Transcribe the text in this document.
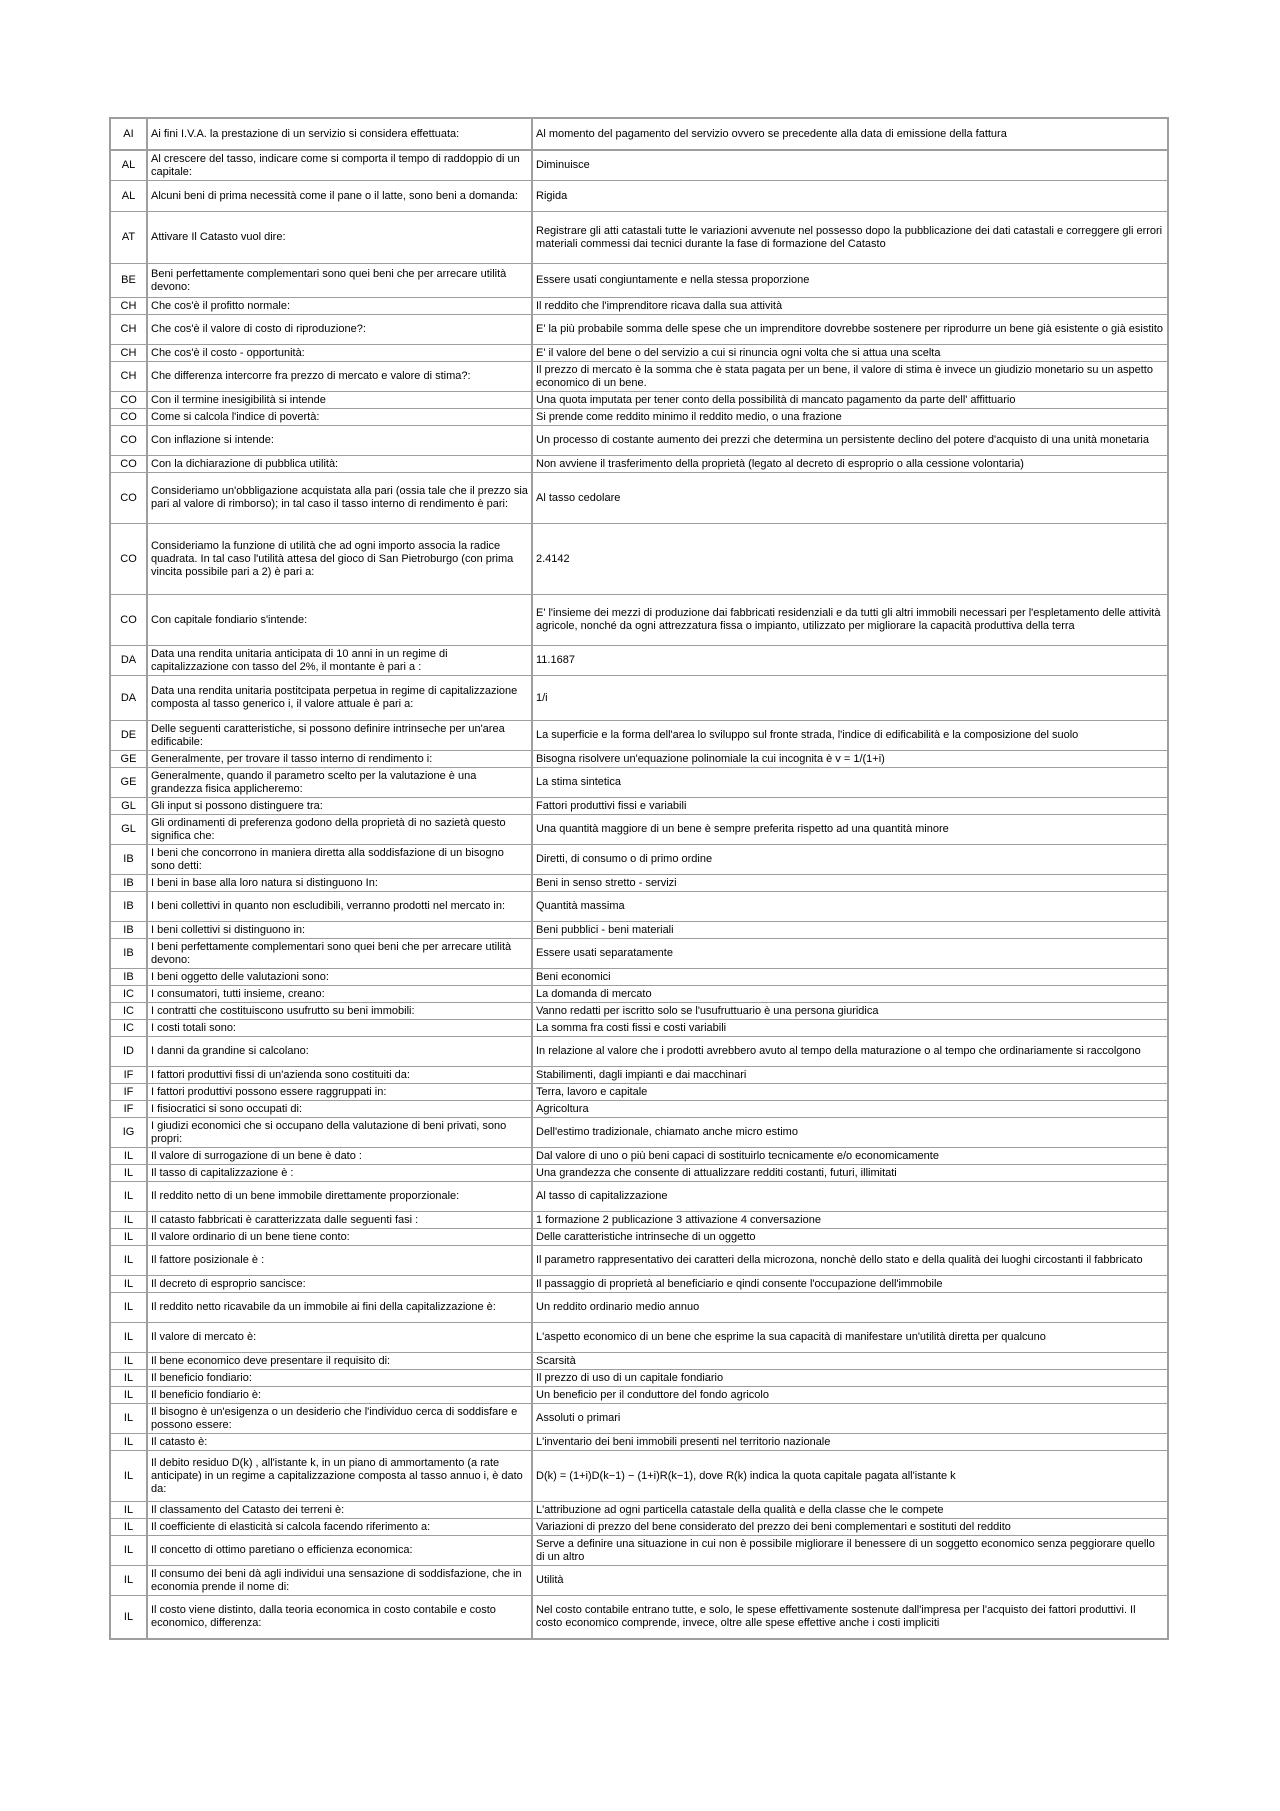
AI	Ai fini I.V.A. la prestazione di un servizio si considera effettuata:	Al momento del pagamento del servizio ovvero se precedente alla data di emissione della fattura
AL	Al crescere del tasso, indicare come si comporta il tempo di raddoppio di un capitale:	Diminuisce
AL	Alcuni beni di prima necessità come il pane o il latte, sono beni a domanda:	Rigida
AT	Attivare Il Catasto vuol dire:	Registrare gli atti catastali tutte le variazioni avvenute nel possesso dopo la pubblicazione dei dati catastali e correggere gli errori materiali commessi dai tecnici durante la fase di formazione del Catasto
BE	Beni perfettamente complementari sono quei beni che per arrecare utilità devono:	Essere usati congiuntamente e nella stessa proporzione
CH	Che cos'è il profitto normale:	Il reddito che l'imprenditore ricava dalla sua attività
CH	Che cos'è il valore di costo di riproduzione?:	E' la più probabile somma delle spese che un imprenditore dovrebbe sostenere per riprodurre un bene già esistente o già esistito
CH	Che cos'è il costo - opportunità:	E' il valore del bene o del servizio a cui si rinuncia ogni volta che si attua una scelta
CH	Che differenza intercorre fra prezzo di mercato e valore di stima?:	Il prezzo di mercato è la somma che è stata pagata per un bene, il valore di stima è invece un giudizio monetario su un aspetto economico di un bene.
CO	Con il termine inesigibilità si intende	Una quota imputata per tener conto della possibilità di mancato pagamento da parte dell' affittuario
CO	Come si calcola l'indice di povertà:	Si prende come reddito minimo il reddito medio, o una frazione
CO	Con inflazione si intende:	Un processo di costante aumento dei prezzi che determina un persistente declino del potere d'acquisto di una unità monetaria
CO	Con la dichiarazione di pubblica utilità:	Non avviene il trasferimento della proprietà (legato al decreto di esproprio o alla cessione volontaria)
CO	Consideriamo un'obbligazione acquistata alla pari (ossia tale che il prezzo sia pari al valore di rimborso); in tal caso il tasso interno di rendimento è pari:	Al tasso cedolare
CO	Consideriamo la funzione di utilità che ad ogni importo associa la radice quadrata. In tal caso l'utilità attesa del gioco di San Pietroburgo (con prima vincita possibile pari a 2) è pari a:	2.4142
CO	Con capitale fondiario s'intende:	E' l'insieme dei mezzi di produzione dai fabbricati residenziali e da tutti gli altri immobili necessari per l'espletamento delle attività agricole, nonché da ogni attrezzatura fissa o impianto, utilizzato per migliorare la capacità produttiva della terra
DA	Data una rendita unitaria anticipata di 10 anni in un regime di capitalizzazione con tasso del 2%, il montante è pari a :	11.1687
DA	Data una rendita unitaria postitcipata perpetua in regime di capitalizzazione composta al tasso generico i, il valore attuale è pari a:	1/i
DE	Delle seguenti caratteristiche, si possono definire intrinseche per un'area edificabile:	La superficie e la forma dell'area lo sviluppo sul fronte strada, l'indice di edificabilità e la composizione del suolo
GE	Generalmente, per trovare il tasso interno di rendimento i:	Bisogna risolvere un'equazione polinomiale la cui incognita è v = 1/(1+i)
GE	Generalmente, quando il parametro scelto per la valutazione è una grandezza fisica applicheremo:	La stima sintetica
GL	Gli input si possono distinguere tra:	Fattori produttivi fissi e variabili
GL	Gli ordinamenti di preferenza godono della proprietà di no sazietà questo significa che:	Una quantità maggiore di un bene è sempre preferita rispetto ad una quantità minore
IB	I beni che concorrono in maniera diretta alla soddisfazione di un bisogno sono detti:	Diretti, di consumo o di primo ordine
IB	I beni in base alla loro natura si distinguono In:	Beni in senso stretto - servizi
IB	I beni collettivi in quanto non escludibili, verranno prodotti nel mercato in:	Quantità massima
IB	I beni collettivi si distinguono in:	Beni pubblici - beni materiali
IB	I beni perfettamente complementari sono quei beni che per arrecare utilità devono:	Essere usati separatamente
IB	I beni oggetto delle valutazioni sono:	Beni economici
IC	I consumatori, tutti insieme, creano:	La domanda di mercato
IC	I contratti che costituiscono usufrutto su beni immobili:	Vanno redatti per iscritto solo se l'usufruttuario è una persona giuridica
IC	I costi totali sono:	La somma fra costi fissi e costi variabili
ID	I danni da grandine si calcolano:	In relazione al valore che i prodotti avrebbero avuto al tempo della maturazione o al tempo che ordinariamente si raccolgono
IF	I fattori produttivi fissi di un'azienda sono costituiti da:	Stabilimenti, dagli impianti e dai macchinari
IF	I fattori produttivi possono essere raggruppati in:	Terra, lavoro e capitale
IF	I fisiocratici si sono occupati di:	Agricoltura
IG	I giudizi economici che si occupano della valutazione di beni privati, sono propri:	Dell'estimo tradizionale, chiamato anche micro estimo
IL	Il valore di surrogazione di un bene è dato :	Dal valore di uno o più beni capaci di sostituirlo tecnicamente e/o economicamente
IL	Il tasso di capitalizzazione è :	Una grandezza che consente di attualizzare redditi costanti, futuri, illimitati
IL	Il reddito netto di un bene immobile direttamente proporzionale:	Al tasso di capitalizzazione
IL	Il catasto fabbricati è caratterizzata dalle seguenti fasi :	1 formazione 2 publicazione 3 attivazione 4 conversazione
IL	Il valore ordinario di un bene tiene conto:	Delle caratteristiche intrinseche di un oggetto
IL	Il fattore posizionale è :	Il parametro rappresentativo dei caratteri della microzona, nonchè dello stato e della qualità dei luoghi circostanti il fabbricato
IL	Il decreto di esproprio sancisce:	Il passaggio di proprietà al beneficiario e qindi consente l'occupazione dell'immobile
IL	Il reddito netto ricavabile da un immobile ai fini della capitalizzazione è:	Un reddito ordinario medio annuo
IL	Il valore di mercato è:	L'aspetto economico di un bene che esprime la sua capacità di manifestare un'utilità diretta per qualcuno
IL	Il bene economico deve presentare il requisito di:	Scarsità
IL	Il beneficio fondiario:	Il prezzo di uso di un capitale fondiario
IL	Il beneficio fondiario è:	Un beneficio per il conduttore del fondo agricolo
IL	Il bisogno è un'esigenza o un desiderio che l'individuo cerca di soddisfare e possono essere:	Assoluti o primari
IL	Il catasto è:	L'inventario dei beni immobili presenti nel territorio nazionale
IL	Il debito residuo D(k) , all'istante k, in un piano di ammortamento (a rate anticipate) in un regime a capitalizzazione composta al tasso annuo i, è dato da:	D(k) = (1+i)D(k−1) − (1+i)R(k−1), dove R(k) indica la quota capitale pagata all'istante k
IL	Il classamento del Catasto dei terreni è:	L'attribuzione ad ogni particella catastale della qualità e della classe che le compete
IL	Il coefficiente di elasticità si calcola facendo riferimento a:	Variazioni di prezzo del bene considerato del prezzo dei beni complementari e sostituti del reddito
IL	Il concetto di ottimo paretiano o efficienza economica:	Serve a definire una situazione in cui non è possibile migliorare il benessere di un soggetto economico senza peggiorare quello di un altro
IL	Il consumo dei beni dà agli individui una sensazione di soddisfazione, che in economia prende il nome di:	Utilità
IL	Il costo viene distinto, dalla teoria economica in costo contabile e costo economico, differenza:	Nel costo contabile entrano tutte, e solo, le spese effettivamente sostenute dall'impresa per l'acquisto dei fattori produttivi. Il costo economico comprende, invece, oltre alle spese effettive anche i costi impliciti
